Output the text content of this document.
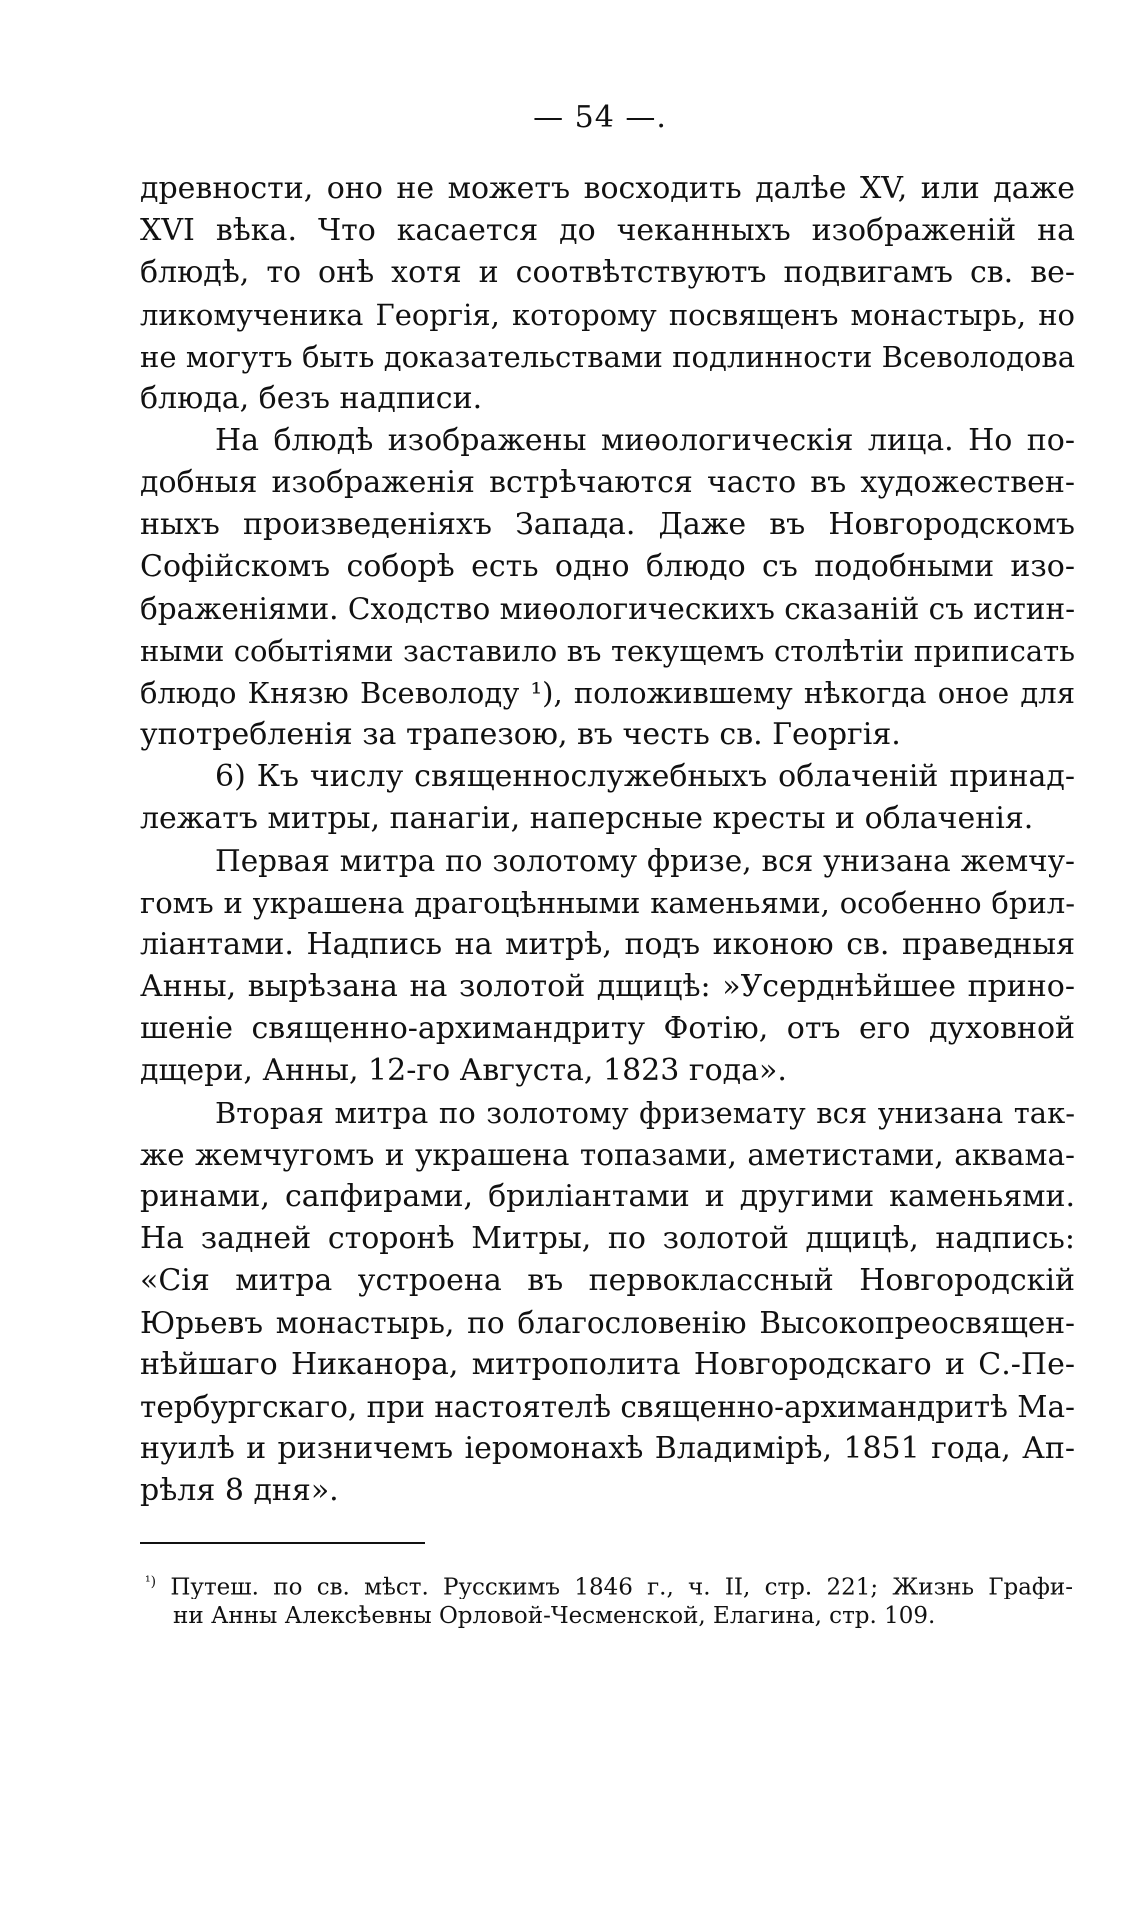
— 54 —.
древности, оно не можетъ восходить далѣе XV, или даже
XVI вѣка. Что касается до чеканныхъ изображеній на
блюдѣ, то онѣ хотя и соотвѣтствуютъ подвигамъ св. ве-
ликомученика Георгія, которому посвященъ монастырь, но
не могутъ быть доказательствами подлинности Всеволодова
блюда, безъ надписи.
На блюдѣ изображены миѳологическія лица. Но по-
добныя изображенія встрѣчаются часто въ художествен-
ныхъ произведеніяхъ Запада. Даже въ Новгородскомъ
Софійскомъ соборѣ есть одно блюдо съ подобными изо-
браженіями. Сходство миѳологическихъ сказаній съ истин-
ными событіями заставило въ текущемъ столѣтіи приписать
блюдо Князю Всеволоду ¹), положившему нѣкогда оное для
употребленія за трапезою, въ честь св. Георгія.
6) Къ числу священнослужебныхъ облаченій принад-
лежатъ митры, панагіи, наперсные кресты и облаченія.
Первая митра по золотому фризе, вся унизана жемчу-
гомъ и украшена драгоцѣнными каменьями, особенно брил-
ліантами. Надпись на митрѣ, подъ иконою св. праведныя
Анны, вырѣзана на золотой дщицѣ: »Усерднѣйшее прино-
шеніе священно-архимандриту Фотію, отъ его духовной
дщери, Анны, 12-го Августа, 1823 года».
Вторая митра по золотому фриземату вся унизана так-
же жемчугомъ и украшена топазами, аметистами, аквама-
ринами, сапфирами, бриліантами и другими каменьями.
На задней сторонѣ Митры, по золотой дщицѣ, надпись:
«Сія митра устроена въ первоклассный Новгородскій
Юрьевъ монастырь, по благословенію Высокопреосвящен-
нѣйшаго Никанора, митрополита Новгородскаго и С.-Пе-
тербургскаго, при настоятелѣ священно-архимандритѣ Ма-
нуилѣ и ризничемъ іеромонахѣ Владимірѣ, 1851 года, Ап-
рѣля 8 дня».
$^{^1)}$ Путеш. по св. мѣст. Русскимъ 1846 г., ч. II, стр. 221; Жизнь Графи-
ни Анны Алексѣевны Орловой-Чесменской, Елагина, стр. 109.
